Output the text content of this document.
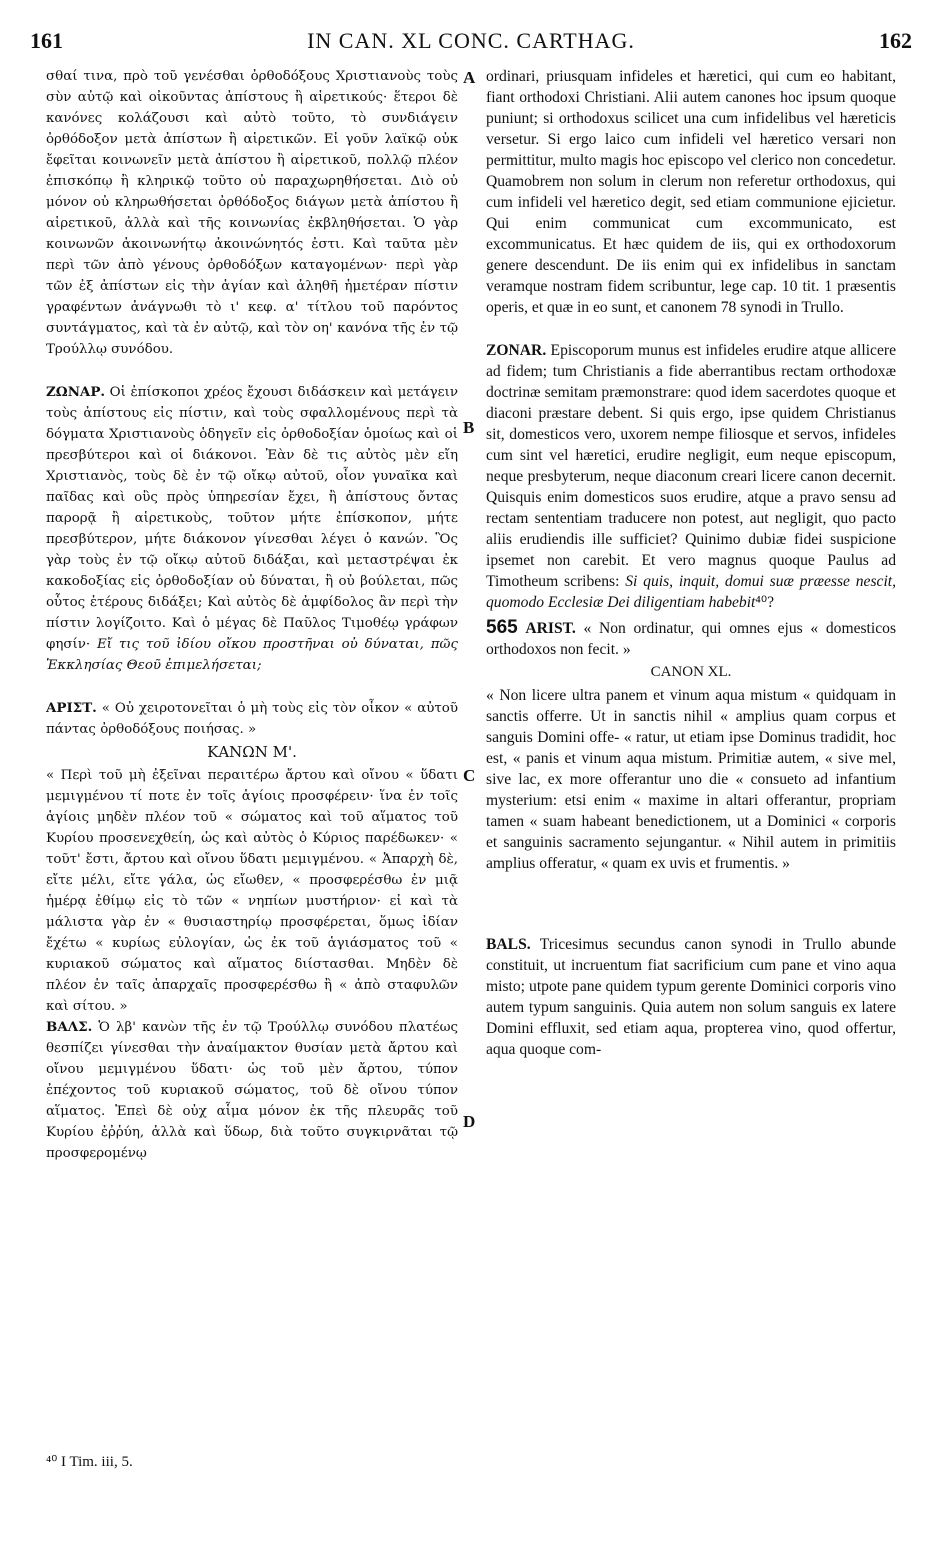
161	IN CAN. XL CONC. CARTHAG.	162

σθαί τινα, πρὸ τοῦ γενέσθαι ὀρθοδόξους Χριστιανοὺς τοὺς σὺν αὐτῷ καὶ οἰκοῦντας ἀπίστους ἢ αἱρετικούς· ἕτεροι δὲ κανόνες κολάζουσι καὶ αὐτὸ τοῦτο, τὸ συνδιάγειν ὀρθόδοξον μετὰ ἀπίστων ἢ αἱρετικῶν. Εἰ γοῦν λαϊκῷ οὐκ ἔφεῖται κοινωνεῖν μετὰ ἀπίστου ἢ αἱρετικοῦ, πολλῷ πλέον ἐπισκόπῳ ἢ κληρικῷ τοῦτο οὐ παραχωρηθήσεται. Διὸ οὐ μόνον οὐ κληρωθήσεται ὀρθόδοξος διάγων μετὰ ἀπίστου ἢ αἱρετικοῦ, ἀλλὰ καὶ τῆς κοινωνίας ἐκβληθήσεται. Ὁ γὰρ κοινωνῶν ἀκοινωνήτῳ ἀκοινώνητός ἐστι. Καὶ ταῦτα μὲν περὶ τῶν ἀπὸ γένους ὀρθοδόξων καταγομένων· περὶ γὰρ τῶν ἐξ ἀπίστων εἰς τὴν ἁγίαν καὶ ἀληθῆ ἡμετέραν πίστιν γραφέντων ἀνάγνωθι τὸ ι' κεφ. α' τίτλου τοῦ παρόντος συντάγματος, καὶ τὰ ἐν αὐτῷ, καὶ τὸν οη' κανόνα τῆς ἐν τῷ Τρούλλῳ συνόδου.

ΖΩΝΑΡ. Οἱ ἐπίσκοποι χρέος ἔχουσι διδάσκειν καὶ μετάγειν τοὺς ἀπίστους εἰς πίστιν, καὶ τοὺς σφαλλομένους περὶ τὰ δόγματα Χριστιανοὺς ὁδηγεῖν εἰς ὀρθοδοξίαν ὁμοίως καὶ οἱ πρεσβύτεροι καὶ οἱ διάκονοι. Ἐὰν δὲ τις αὐτὸς μὲν εἴη Χριστιανὸς, τοὺς δὲ ἐν τῷ οἴκῳ αὐτοῦ, οἷον γυναῖκα καὶ παῖδας καὶ οὓς πρὸς ὑπηρεσίαν ἔχει, ἢ ἀπίστους ὄντας παρορᾷ ἢ αἱρετικοὺς, τοῦτον μήτε ἐπίσκοπον, μήτε πρεσβύτερον, μήτε διάκονον γίνεσθαι λέγει ὁ κανών. Ὃς γὰρ τοὺς ἐν τῷ οἴκῳ αὐτοῦ διδάξαι, καὶ μεταστρέψαι ἐκ κακοδοξίας εἰς ὀρθοδοξίαν οὐ δύναται, ἢ οὐ βούλεται, πῶς οὗτος ἑτέρους διδάξει; Καὶ αὐτὸς δὲ ἀμφίδολος ἂν περὶ τὴν πίστιν λογίζοιτο. Καὶ ὁ μέγας δὲ Παῦλος Τιμοθέῳ γράφων φησίν· Εἴ τις τοῦ ἰδίου οἴκου προστῆναι οὐ δύναται, πῶς Ἐκκλησίας Θεοῦ ἐπιμελήσεται;

ΑΡΙΣΤ. « Οὐ χειροτονεῖται ὁ μὴ τοὺς εἰς τὸν οἶκον « αὐτοῦ πάντας ὀρθοδόξους ποιήσας. »

ΚΑΝΩΝ Μ'.

« Περὶ τοῦ μὴ ἐξεῖναι περαιτέρω ἄρτου καὶ οἴνου « ὕδατι μεμιγμένου τί ποτε ἐν τοῖς ἁγίοις προσφέρειν· ἵνα ἐν τοῖς ἁγίοις μηδὲν πλέον τοῦ « σώματος καὶ τοῦ αἵματος τοῦ Κυρίου προσενεχθείη, ὡς καὶ αὐτὸς ὁ Κύριος παρέδωκεν· « τοῦτ' ἔστι, ἄρτου καὶ οἴνου ὕδατι μεμιγμένου. « Ἀπαρχὴ δὲ, εἴτε μέλι, εἴτε γάλα, ὡς εἴωθεν, « προσφερέσθω ἐν μιᾷ ἡμέρᾳ ἐθίμῳ εἰς τὸ τῶν « νηπίων μυστήριον· εἰ καὶ τὰ μάλιστα γὰρ ἐν « θυσιαστηρίῳ προσφέρεται, ὅμως ἰδίαν ἔχέτω « κυρίως εὐλογίαν, ὡς ἐκ τοῦ ἁγιάσματος τοῦ « κυριακοῦ σώματος καὶ αἵματος διίστασθαι. Μηδὲν δὲ πλέον ἐν ταῖς ἀπαρχαῖς προσφερέσθω ἢ « ἀπὸ σταφυλῶν καὶ σίτου. »

ΒΑΛΣ. Ὁ λβ' κανὼν τῆς ἐν τῷ Τρούλλῳ συνόδου πλατέως θεσπίζει γίνεσθαι τὴν ἀναίμακτον θυσίαν μετὰ ἄρτου καὶ οἴνου μεμιγμένου ὕδατι· ὡς τοῦ μὲν ἄρτου, τύπον ἐπέχοντος τοῦ κυριακοῦ σώματος, τοῦ δὲ οἴνου τύπον αἵματος. Ἐπεὶ δὲ οὐχ αἷμα μόνον ἐκ τῆς πλευρᾶς τοῦ Κυρίου ἐῤῥύη, ἀλλὰ καὶ ὕδωρ, διὰ τοῦτο συγκιρνᾶται τῷ προσφερομένῳ

ordinari, priusquam infideles et hæretici, qui cum eo habitant, fiant orthodoxi Christiani. Alii autem canones hoc ipsum quoque puniunt; si orthodoxus scilicet una cum infidelibus vel hæreticis versetur. Si ergo laico cum infideli vel hæretico versari non permittitur, multo magis hoc episcopo vel clerico non concedetur. Quamobrem non solum in clerum non referetur orthodoxus, qui cum infideli vel hæretico degit, sed etiam communione ejicietur. Qui enim communicat cum excommunicato, est excommunicatus. Et hæc quidem de iis, qui ex orthodoxorum genere descendunt. De iis enim qui ex infidelibus in sanctam veramque nostram fidem scribuntur, lege cap. 10 tit. 1 præsentis operis, et quæ in eo sunt, et canonem 78 synodi in Trullo.

ZONAR. Episcoporum munus est infideles erudire atque allicere ad fidem; tum Christianis a fide aberrantibus rectam orthodoxæ doctrinæ semitam præmonstrare: quod idem sacerdotes quoque et diaconi præstare debent. Si quis ergo, ipse quidem Christianus sit, domesticos vero, uxorem nempe filiosque et servos, infideles cum sint vel hæretici, erudire negligit, eum neque episcopum, neque presbyterum, neque diaconum creari licere canon decernit. Quisquis enim domesticos suos erudire, atque a pravo sensu ad rectam sententiam traducere non potest, aut negligit, quo pacto aliis erudiendis ille sufficiet? Quinimo dubiæ fidei suspicione ipsemet non carebit. Et vero magnus quoque Paulus ad Timotheum scribens: Si quis, inquit, domui suæ præesse nescit, quomodo Ecclesiæ Dei diligentiam habebit⁴⁰?

565 ARIST. « Non ordinatur, qui omnes ejus « domesticos orthodoxos non fecit. »

CANON XL.

« Non licere ultra panem et vinum aqua mistum « quidquam in sanctis offerre. Ut in sanctis nihil « amplius quam corpus et sanguis Domini offe- « ratur, ut etiam ipse Dominus tradidit, hoc est, « panis et vinum aqua mistum. Primitiæ autem, « sive mel, sive lac, ex more offerantur uno die « consueto ad infantium mysterium: etsi enim « maxime in altari offerantur, propriam tamen « suam habeant benedictionem, ut a Dominici « corporis et sanguinis sacramento sejungantur. « Nihil autem in primitiis amplius offeratur, « quam ex uvis et frumentis. »

BALS. Tricesimus secundus canon synodi in Trullo abunde constituit, ut incruentum fiat sacrificium cum pane et vino aqua misto; utpote pane quidem typum gerente Dominici corporis vino autem typum sanguinis. Quia autem non solum sanguis ex latere Domini effluxit, sed etiam aqua, propterea vino, quod offertur, aqua quoque com-

A
B
C
D
⁴⁰ I Tim. iii, 5.
